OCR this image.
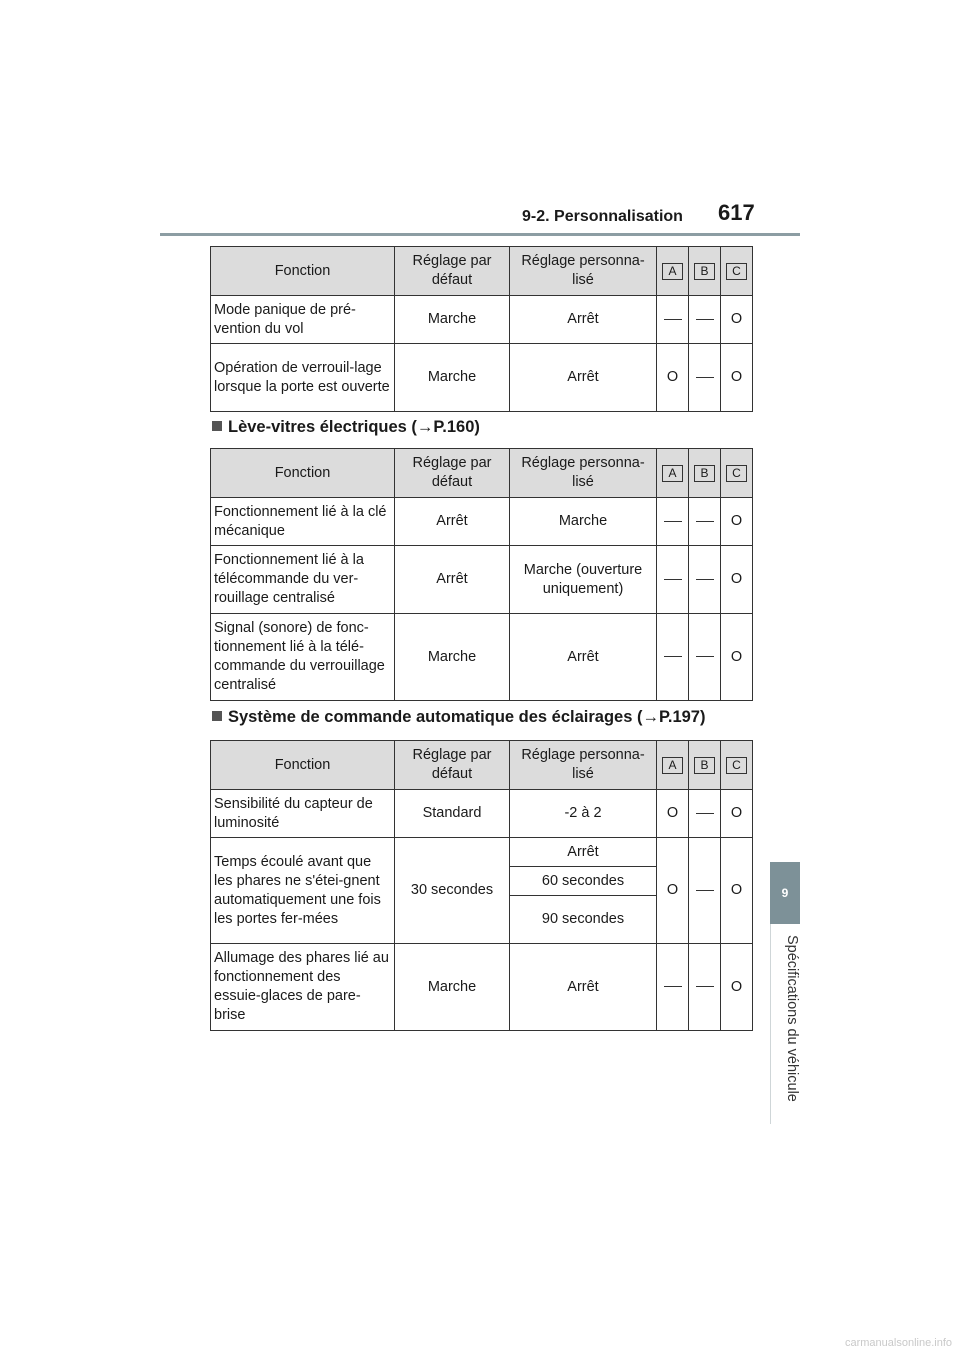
9-2. Personnalisation 617
9
Spécifications du véhicule
Fonction	Réglage par défaut	Réglage personna-lisé	A	B	C
Mode panique de pré-vention du vol	Marche	Arrêt			O
Opération de verrouil-lage lorsque la porte est ouverte	Marche	Arrêt	O		O
Lève-vitres électriques (→P.160)
Fonction	Réglage par défaut	Réglage personna-lisé	A	B	C
Fonctionnement lié à la clé mécanique	Arrêt	Marche			O
Fonctionnement lié à la télécommande du ver-rouillage centralisé	Arrêt	Marche (ouverture uniquement)			O
Signal (sonore) de fonc-tionnement lié à la télé-commande du verrouillage centralisé	Marche	Arrêt			O
Système de commande automatique des éclairages (→P.197)
Fonction	Réglage par défaut	Réglage personna-lisé	A	B	C
Sensibilité du capteur de luminosité	Standard	-2 à 2	O		O
Temps écoulé avant que les phares ne s'étei-gnent automatiquement une fois les portes fer-mées	30 secondes	Arrêt	O		O
		60 secondes			
		90 secondes			
Allumage des phares lié au fonctionnement des essuie-glaces de pare-brise	Marche	Arrêt			O
carmanualsonline.info
